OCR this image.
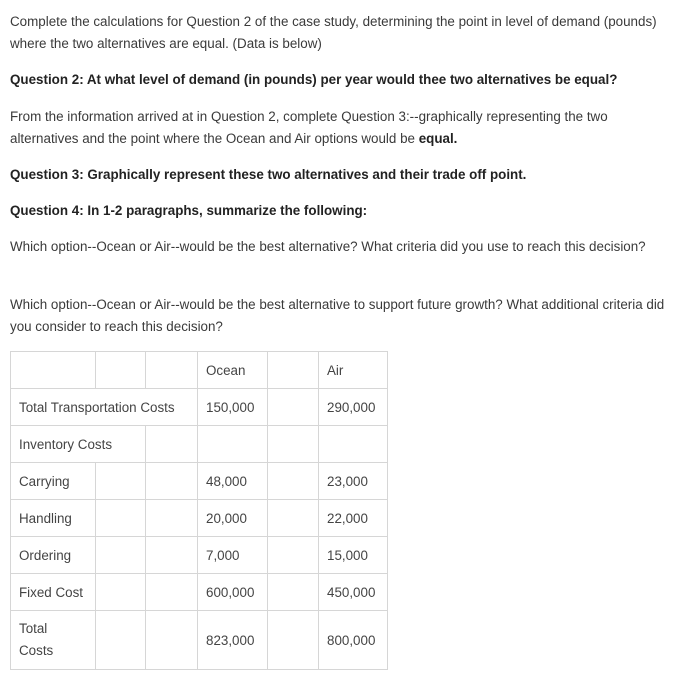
Complete the calculations for Question 2 of the case study, determining the point in level of demand (pounds) where the two alternatives are equal. (Data is below)

Question 2: At what level of demand (in pounds) per year would thee two alternatives be equal?

From the information arrived at in Question 2, complete Question 3:--graphically representing the two alternatives and the point where the Ocean and Air options would be equal.

Question 3: Graphically represent these two alternatives and their trade off point.

Question 4: In 1-2 paragraphs, summarize the following:

Which option--Ocean or Air--would be the best alternative? What criteria did you use to reach this decision?

Which option--Ocean or Air--would be the best alternative to support future growth? What additional criteria did you consider to reach this decision?

			Ocean		Air
Total Transportation Costs			150,000		290,000
Inventory Costs					
Carrying			48,000		23,000
Handling			20,000		22,000
Ordering			7,000		15,000
Fixed Cost			600,000		450,000

Total
Costs			823,000		800,000
